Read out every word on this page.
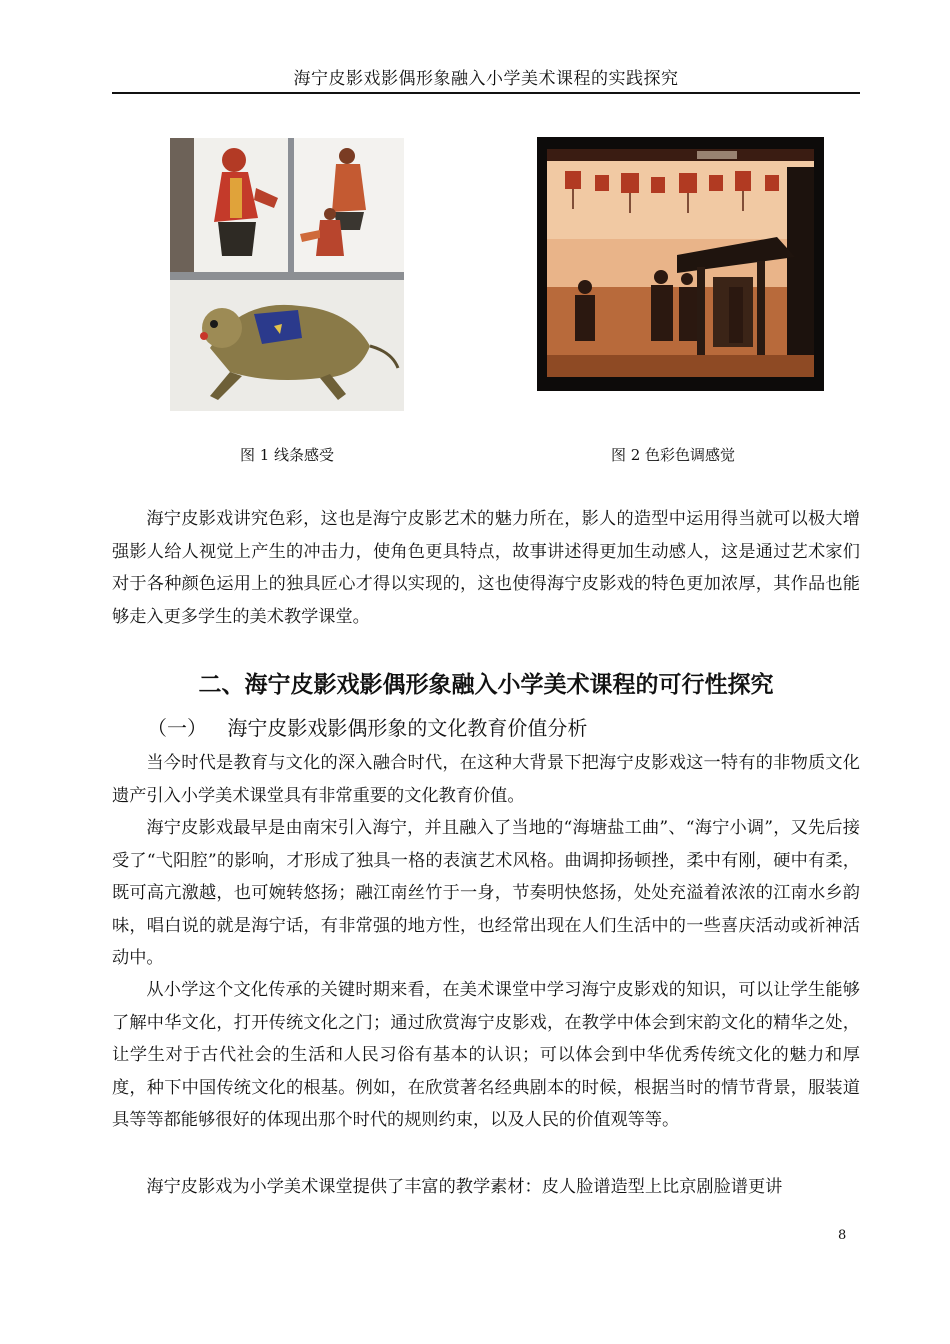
海宁皮影戏影偶形象融入小学美术课程的实践探究
图 1 线条感受	图 2 色彩色调感觉

海宁皮影戏讲究色彩，这也是海宁皮影艺术的魅力所在，影人的造型中运用得当就可以极大增强影人给人视觉上产生的冲击力，使角色更具特点，故事讲述得更加生动感人，这是通过艺术家们对于各种颜色运用上的独具匠心才得以实现的，这也使得海宁皮影戏的特色更加浓厚，其作品也能够走入更多学生的美术教学课堂。

二、海宁皮影戏影偶形象融入小学美术课程的可行性探究
（一） 海宁皮影戏影偶形象的文化教育价值分析

当今时代是教育与文化的深入融合时代，在这种大背景下把海宁皮影戏这一特有的非物质文化遗产引入小学美术课堂具有非常重要的文化教育价值。

海宁皮影戏最早是由南宋引入海宁，并且融入了当地的“海塘盐工曲”、“海宁小调”，又先后接受了“弋阳腔”的影响，才形成了独具一格的表演艺术风格。曲调抑扬顿挫，柔中有刚，硬中有柔，既可高亢激越，也可婉转悠扬；融江南丝竹于一身，节奏明快悠扬，处处充溢着浓浓的江南水乡韵味，唱白说的就是海宁话，有非常强的地方性，也经常出现在人们生活中的一些喜庆活动或祈神活动中。

从小学这个文化传承的关键时期来看，在美术课堂中学习海宁皮影戏的知识，可以让学生能够了解中华文化，打开传统文化之门；通过欣赏海宁皮影戏，在教学中体会到宋韵文化的精华之处，让学生对于古代社会的生活和人民习俗有基本的认识；可以体会到中华优秀传统文化的魅力和厚度，种下中国传统文化的根基。例如，在欣赏著名经典剧本的时候，根据当时的情节背景，服装道具等等都能够很好的体现出那个时代的规则约束，以及人民的价值观等等。

海宁皮影戏为小学美术课堂提供了丰富的教学素材：皮人脸谱造型上比京剧脸谱更讲

8
